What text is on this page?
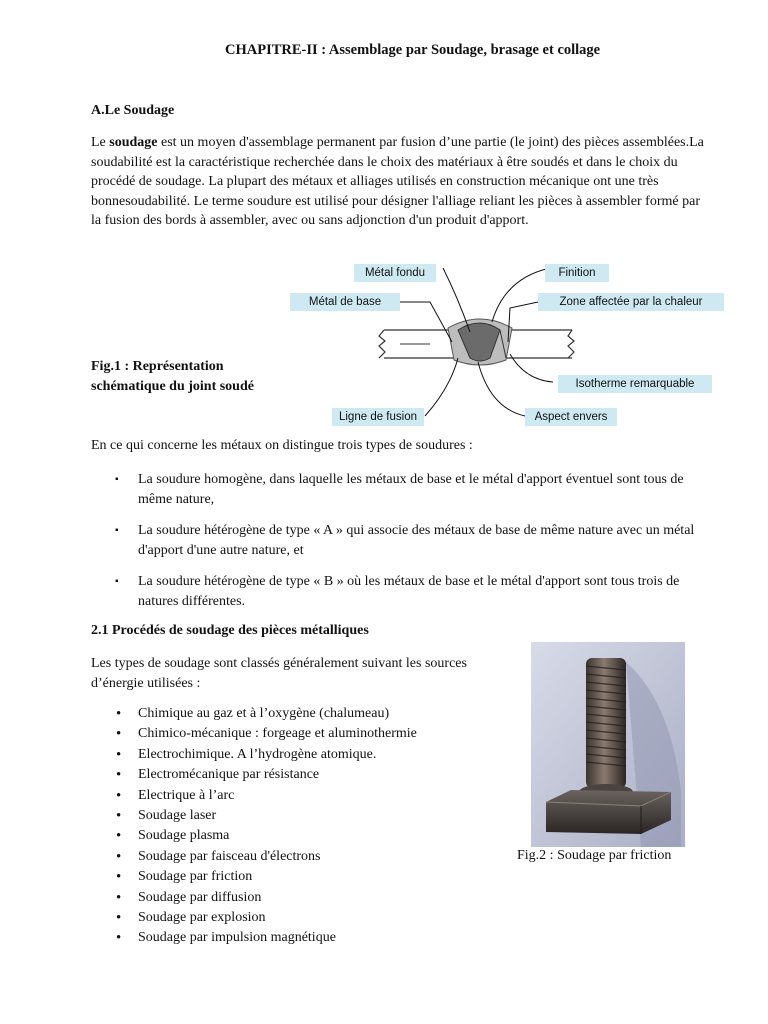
CHAPITRE-II : Assemblage par Soudage, brasage et collage
A.Le Soudage

Le soudage est un moyen d'assemblage permanent par fusion d’une partie (le joint) des pièces assemblées.La soudabilité est la caractéristique recherchée dans le choix des matériaux à être soudés et dans le choix du procédé de soudage. La plupart des métaux et alliages utilisés en construction mécanique ont une très bonnesoudabilité. Le terme soudure est utilisé pour désigner l'alliage reliant les pièces à assembler formé par la fusion des bords à assembler, avec ou sans adjonction d'un produit d'apport.

Fig.1 : Représentation
schématique du joint soudé
Métal fondu	Finition
Métal de base	Zone affectée par la chaleur
Isotherme remarquable
Ligne de fusion	Aspect envers
En ce qui concerne les métaux on distingue trois types de soudures :
▪ La soudure homogène, dans laquelle les métaux de base et le métal d'apport éventuel sont tous de même nature,
▪ La soudure hétérogène de type « A » qui associe des métaux de base de même nature avec un métal d'apport d'une autre nature, et
▪ La soudure hétérogène de type « B » où les métaux de base et le métal d'apport sont tous trois de natures différentes.
2.1 Procédés de soudage des pièces métalliques
Les types de soudage sont classés généralement suivant les sources
d’énergie utilisées :
• Chimique au gaz et à l’oxygène (chalumeau)
• Chimico-mécanique : forgeage et aluminothermie
• Electrochimique. A l’hydrogène atomique.
• Electromécanique par résistance
• Electrique à l’arc
• Soudage laser
• Soudage plasma
• Soudage par faisceau d'électrons
• Soudage par friction
• Soudage par diffusion
• Soudage par explosion
• Soudage par impulsion magnétique
Fig.2 : Soudage par friction
